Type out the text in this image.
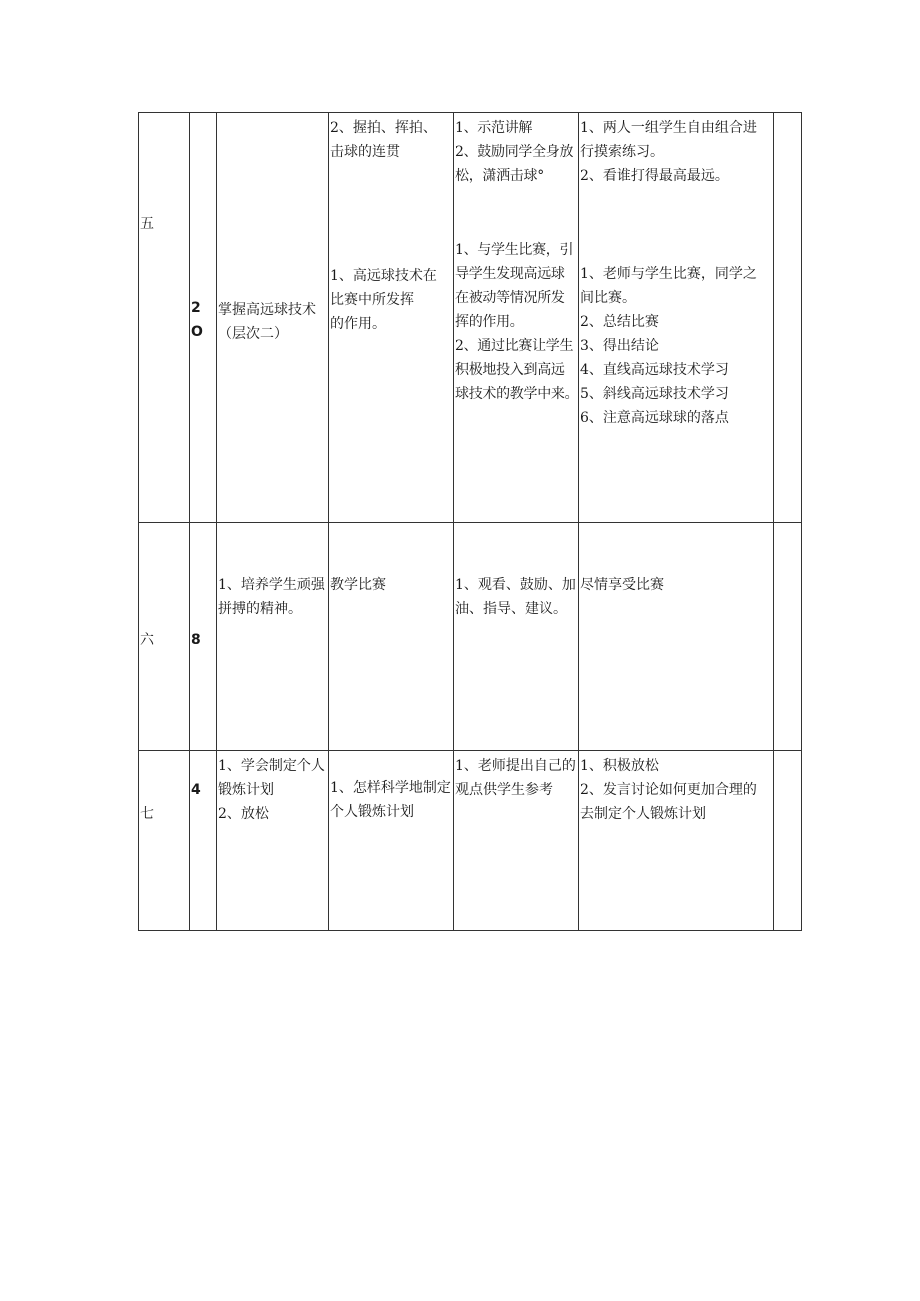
五
2
O
掌握高远球技术
（层次二）
2、握拍、挥拍、
击球的连贯
1、高远球技术在
比赛中所发挥
的作用。
1、示范讲解
2、鼓励同学全身放
松，潇洒击球°
1、与学生比赛，引
导学生发现高远球
在被动等情况所发
挥的作用。
2、通过比赛让学生
积极地投入到高远
球技术的教学中来。
1、两人一组学生自由组合进
行摸索练习。
2、看谁打得最高最远。
1、老师与学生比赛，同学之
间比赛。
2、总结比赛
3、得出结论
4、直线高远球技术学习
5、斜线高远球技术学习
6、注意高远球球的落点
六	8
1、培养学生顽强
拼搏的精神。
教学比赛	1、观看、鼓励、加
油、指导、建议。
尽情享受比赛
七
4
1、学会制定个人
锻炼计划
2、放松
1、怎样科学地制定
个人锻炼计划
1、老师提出自己的
观点供学生参考
1、积极放松
2、发言讨论如何更加合理的
去制定个人锻炼计划
